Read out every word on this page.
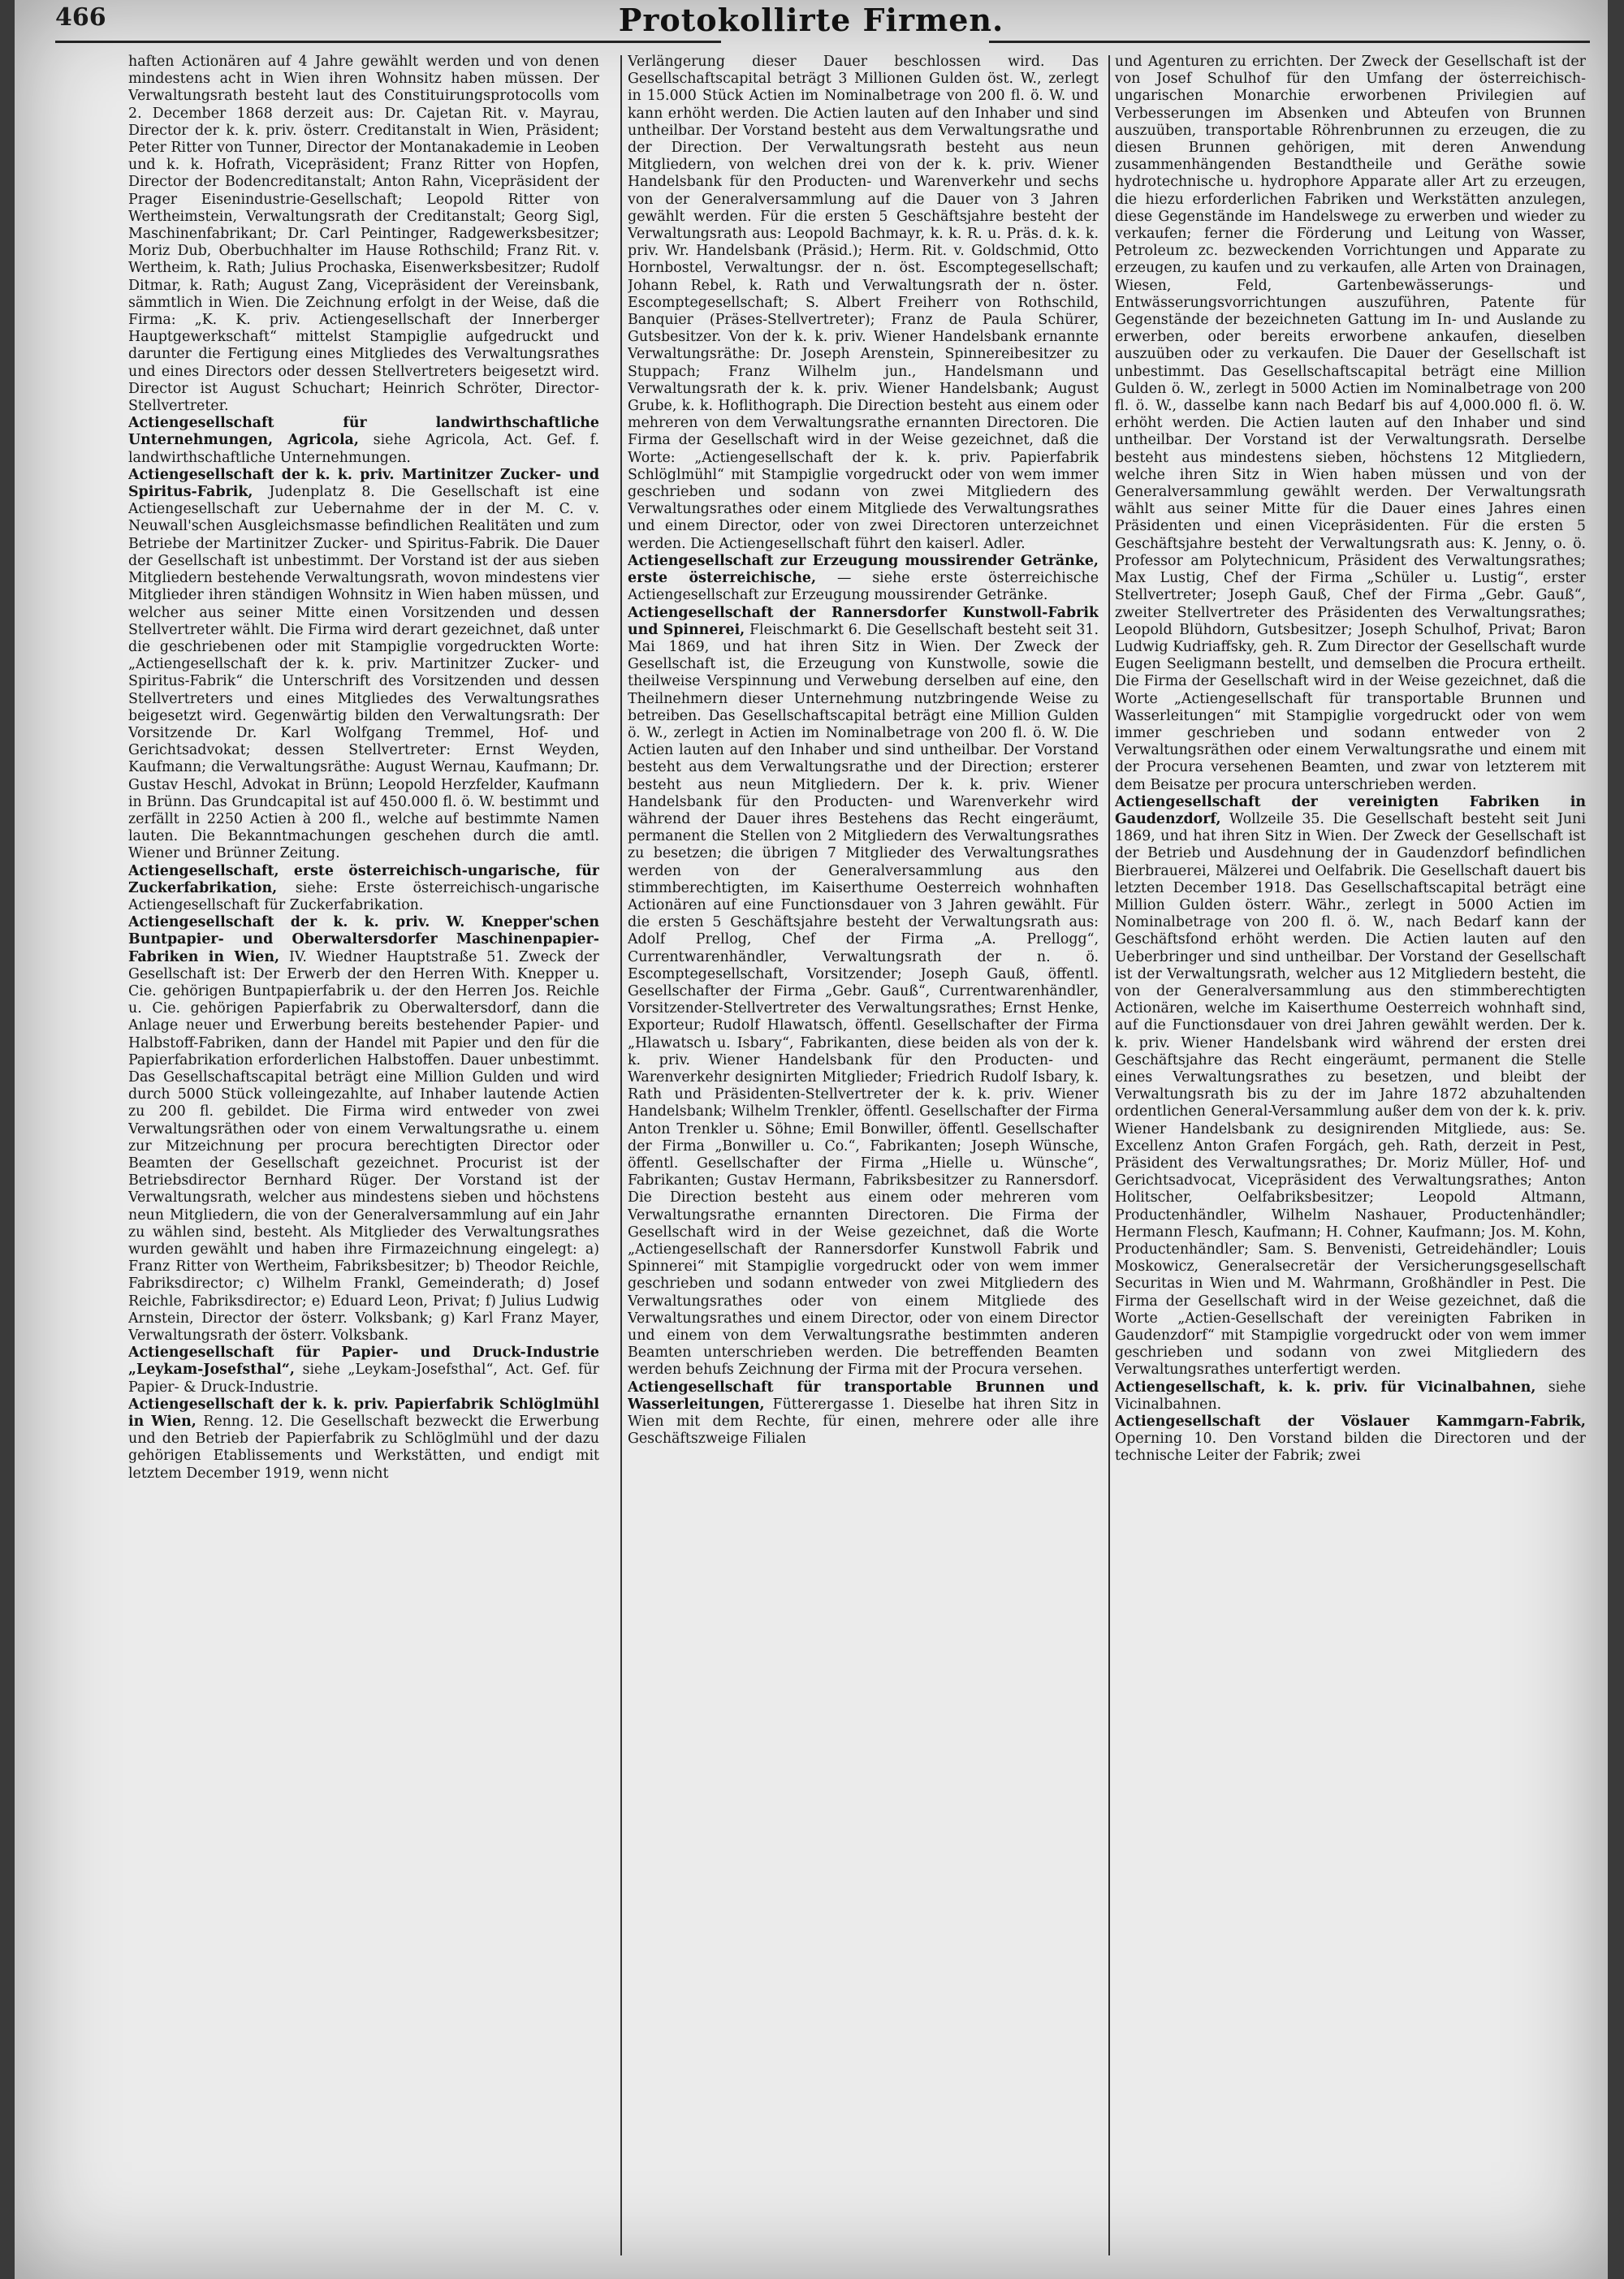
466	Protokollirte Firmen.

haften Actionären auf 4 Jahre gewählt werden und von denen mindestens acht in Wien ihren Wohnsitz haben müssen. Der Verwaltungsrath besteht laut des Constituirungsprotocolls vom 2. December 1868 derzeit aus: Dr. Cajetan Rit. v. Mayrau, Director der k. k. priv. österr. Creditanstalt in Wien, Präsident; Peter Ritter von Tunner, Director der Montanakademie in Leoben und k. k. Hofrath, Vicepräsident; Franz Ritter von Hopfen, Director der Bodencreditanstalt; Anton Rahn, Vicepräsident der Prager Eisenindustrie-Gesellschaft; Leopold Ritter von Wertheimstein, Verwaltungsrath der Creditanstalt; Georg Sigl, Maschinenfabrikant; Dr. Carl Peintinger, Radgewerksbesitzer; Moriz Dub, Oberbuchhalter im Hause Rothschild; Franz Rit. v. Wertheim, k. Rath; Julius Prochaska, Eisenwerksbesitzer; Rudolf Ditmar, k. Rath; August Zang, Vicepräsident der Vereinsbank, sämmtlich in Wien. Die Zeichnung erfolgt in der Weise, daß die Firma: „K. K. priv. Actiengesellschaft der Innerberger Hauptgewerkschaft“ mittelst Stampiglie aufgedruckt und darunter die Fertigung eines Mitgliedes des Verwaltungsrathes und eines Directors oder dessen Stellvertreters beigesetzt wird. Director ist August Schuchart; Heinrich Schröter, Director-Stellvertreter.

Actiengesellschaft für landwirthschaftliche Unternehmungen, Agricola, siehe Agricola, Act. Gef. f. landwirthschaftliche Unternehmungen.

Actiengesellschaft der k. k. priv. Martinitzer Zucker- und Spiritus-Fabrik, Judenplatz 8. Die Gesellschaft ist eine Actiengesellschaft zur Uebernahme der in der M. C. v. Neuwall'schen Ausgleichsmasse befindlichen Realitäten und zum Betriebe der Martinitzer Zucker- und Spiritus-Fabrik. Die Dauer der Gesellschaft ist unbestimmt. Der Vorstand ist der aus sieben Mitgliedern bestehende Verwaltungsrath, wovon mindestens vier Mitglieder ihren ständigen Wohnsitz in Wien haben müssen, und welcher aus seiner Mitte einen Vorsitzenden und dessen Stellvertreter wählt. Die Firma wird derart gezeichnet, daß unter die geschriebenen oder mit Stampiglie vorgedruckten Worte: „Actiengesellschaft der k. k. priv. Martinitzer Zucker- und Spiritus-Fabrik“ die Unterschrift des Vorsitzenden und dessen Stellvertreters und eines Mitgliedes des Verwaltungsrathes beigesetzt wird. Gegenwärtig bilden den Verwaltungsrath: Der Vorsitzende Dr. Karl Wolfgang Tremmel, Hof- und Gerichtsadvokat; dessen Stellvertreter: Ernst Weyden, Kaufmann; die Verwaltungsräthe: August Wernau, Kaufmann; Dr. Gustav Heschl, Advokat in Brünn; Leopold Herzfelder, Kaufmann in Brünn. Das Grundcapital ist auf 450.000 fl. ö. W. bestimmt und zerfällt in 2250 Actien à 200 fl., welche auf bestimmte Namen lauten. Die Bekanntmachungen geschehen durch die amtl. Wiener und Brünner Zeitung.

Actiengesellschaft, erste österreichisch-ungarische, für Zuckerfabrikation, siehe: Erste österreichisch-ungarische Actiengesellschaft für Zuckerfabrikation.

Actiengesellschaft der k. k. priv. W. Knepper'schen Buntpapier- und Oberwaltersdorfer Maschinenpapier-Fabriken in Wien, IV. Wiedner Hauptstraße 51. Zweck der Gesellschaft ist: Der Erwerb der den Herren With. Knepper u. Cie. gehörigen Buntpapierfabrik u. der den Herren Jos. Reichle u. Cie. gehörigen Papierfabrik zu Oberwaltersdorf, dann die Anlage neuer und Erwerbung bereits bestehender Papier- und Halbstoff-Fabriken, dann der Handel mit Papier und den für die Papierfabrikation erforderlichen Halbstoffen. Dauer unbestimmt. Das Gesellschaftscapital beträgt eine Million Gulden und wird durch 5000 Stück volleingezahlte, auf Inhaber lautende Actien zu 200 fl. gebildet. Die Firma wird entweder von zwei Verwaltungsräthen oder von einem Verwaltungsrathe u. einem zur Mitzeichnung per procura berechtigten Director oder Beamten der Gesellschaft gezeichnet. Procurist ist der Betriebsdirector Bernhard Rüger. Der Vorstand ist der Verwaltungsrath, welcher aus mindestens sieben und höchstens neun Mitgliedern, die von der Generalversammlung auf ein Jahr zu wählen sind, besteht. Als Mitglieder des Verwaltungsrathes wurden gewählt und haben ihre Firmazeichnung eingelegt: a) Franz Ritter von Wertheim, Fabriksbesitzer; b) Theodor Reichle, Fabriksdirector; c) Wilhelm Frankl, Gemeinderath; d) Josef Reichle, Fabriksdirector; e) Eduard Leon, Privat; f) Julius Ludwig Arnstein, Director der österr. Volksbank; g) Karl Franz Mayer, Verwaltungsrath der österr. Volksbank.

Actiengesellschaft für Papier- und Druck-Industrie „Leykam-Josefsthal“, siehe „Leykam-Josefsthal“, Act. Gef. für Papier- & Druck-Industrie.

Actiengesellschaft der k. k. priv. Papierfabrik Schlöglmühl in Wien, Renng. 12. Die Gesellschaft bezweckt die Erwerbung und den Betrieb der Papierfabrik zu Schlöglmühl und der dazu gehörigen Etablissements und Werkstätten, und endigt mit letztem December 1919, wenn nicht

Verlängerung dieser Dauer beschlossen wird. Das Gesellschaftscapital beträgt 3 Millionen Gulden öst. W., zerlegt in 15.000 Stück Actien im Nominalbetrage von 200 fl. ö. W. und kann erhöht werden. Die Actien lauten auf den Inhaber und sind untheilbar. Der Vorstand besteht aus dem Verwaltungsrathe und der Direction. Der Verwaltungsrath besteht aus neun Mitgliedern, von welchen drei von der k. k. priv. Wiener Handelsbank für den Producten- und Warenverkehr und sechs von der Generalversammlung auf die Dauer von 3 Jahren gewählt werden. Für die ersten 5 Geschäftsjahre besteht der Verwaltungsrath aus: Leopold Bachmayr, k. k. R. u. Präs. d. k. k. priv. Wr. Handelsbank (Präsid.); Herm. Rit. v. Goldschmid, Otto Hornbostel, Verwaltungsr. der n. öst. Escomptegesellschaft; Johann Rebel, k. Rath und Verwaltungsrath der n. öster. Escomptegesellschaft; S. Albert Freiherr von Rothschild, Banquier (Präses-Stellvertreter); Franz de Paula Schürer, Gutsbesitzer. Von der k. k. priv. Wiener Handelsbank ernannte Verwaltungsräthe: Dr. Joseph Arenstein, Spinnereibesitzer zu Stuppach; Franz Wilhelm jun., Handelsmann und Verwaltungsrath der k. k. priv. Wiener Handelsbank; August Grube, k. k. Hoflithograph. Die Direction besteht aus einem oder mehreren von dem Verwaltungsrathe ernannten Directoren. Die Firma der Gesellschaft wird in der Weise gezeichnet, daß die Worte: „Actiengesellschaft der k. k. priv. Papierfabrik Schlöglmühl“ mit Stampiglie vorgedruckt oder von wem immer geschrieben und sodann von zwei Mitgliedern des Verwaltungsrathes oder einem Mitgliede des Verwaltungsrathes und einem Director, oder von zwei Directoren unterzeichnet werden. Die Actiengesellschaft führt den kaiserl. Adler.

Actiengesellschaft zur Erzeugung moussirender Getränke, erste österreichische, — siehe erste österreichische Actiengesellschaft zur Erzeugung moussirender Getränke.

Actiengesellschaft der Rannersdorfer Kunstwoll-Fabrik und Spinnerei, Fleischmarkt 6. Die Gesellschaft besteht seit 31. Mai 1869, und hat ihren Sitz in Wien. Der Zweck der Gesellschaft ist, die Erzeugung von Kunstwolle, sowie die theilweise Verspinnung und Verwebung derselben auf eine, den Theilnehmern dieser Unternehmung nutzbringende Weise zu betreiben. Das Gesellschaftscapital beträgt eine Million Gulden ö. W., zerlegt in Actien im Nominalbetrage von 200 fl. ö. W. Die Actien lauten auf den Inhaber und sind untheilbar. Der Vorstand besteht aus dem Verwaltungsrathe und der Direction; ersterer besteht aus neun Mitgliedern. Der k. k. priv. Wiener Handelsbank für den Producten- und Warenverkehr wird während der Dauer ihres Bestehens das Recht eingeräumt, permanent die Stellen von 2 Mitgliedern des Verwaltungsrathes zu besetzen; die übrigen 7 Mitglieder des Verwaltungsrathes werden von der Generalversammlung aus den stimmberechtigten, im Kaiserthume Oesterreich wohnhaften Actionären auf eine Functionsdauer von 3 Jahren gewählt. Für die ersten 5 Geschäftsjahre besteht der Verwaltungsrath aus: Adolf Prellog, Chef der Firma „A. Prellogg“, Currentwarenhändler, Verwaltungsrath der n. ö. Escomptegesellschaft, Vorsitzender; Joseph Gauß, öffentl. Gesellschafter der Firma „Gebr. Gauß“, Currentwarenhändler, Vorsitzender-Stellvertreter des Verwaltungsrathes; Ernst Henke, Exporteur; Rudolf Hlawatsch, öffentl. Gesellschafter der Firma „Hlawatsch u. Isbary“, Fabrikanten, diese beiden als von der k. k. priv. Wiener Handelsbank für den Producten- und Warenverkehr designirten Mitglieder; Friedrich Rudolf Isbary, k. Rath und Präsidenten-Stellvertreter der k. k. priv. Wiener Handelsbank; Wilhelm Trenkler, öffentl. Gesellschafter der Firma Anton Trenkler u. Söhne; Emil Bonwiller, öffentl. Gesellschafter der Firma „Bonwiller u. Co.“, Fabrikanten; Joseph Wünsche, öffentl. Gesellschafter der Firma „Hielle u. Wünsche“, Fabrikanten; Gustav Hermann, Fabriksbesitzer zu Rannersdorf. Die Direction besteht aus einem oder mehreren vom Verwaltungsrathe ernannten Directoren. Die Firma der Gesellschaft wird in der Weise gezeichnet, daß die Worte „Actiengesellschaft der Rannersdorfer Kunstwoll Fabrik und Spinnerei“ mit Stampiglie vorgedruckt oder von wem immer geschrieben und sodann entweder von zwei Mitgliedern des Verwaltungsrathes oder von einem Mitgliede des Verwaltungsrathes und einem Director, oder von einem Director und einem von dem Verwaltungsrathe bestimmten anderen Beamten unterschrieben werden. Die betreffenden Beamten werden behufs Zeichnung der Firma mit der Procura versehen.

Actiengesellschaft für transportable Brunnen und Wasserleitungen, Fütterergasse 1. Dieselbe hat ihren Sitz in Wien mit dem Rechte, für einen, mehrere oder alle ihre Geschäftszweige Filialen

und Agenturen zu errichten. Der Zweck der Gesellschaft ist der von Josef Schulhof für den Umfang der österreichisch-ungarischen Monarchie erworbenen Privilegien auf Verbesserungen im Absenken und Abteufen von Brunnen auszuüben, transportable Röhrenbrunnen zu erzeugen, die zu diesen Brunnen gehörigen, mit deren Anwendung zusammenhängenden Bestandtheile und Geräthe sowie hydrotechnische u. hydrophore Apparate aller Art zu erzeugen, die hiezu erforderlichen Fabriken und Werkstätten anzulegen, diese Gegenstände im Handelswege zu erwerben und wieder zu verkaufen; ferner die Förderung und Leitung von Wasser, Petroleum zc. bezweckenden Vorrichtungen und Apparate zu erzeugen, zu kaufen und zu verkaufen, alle Arten von Drainagen, Wiesen, Feld, Gartenbewässerungs- und Entwässerungsvorrichtungen auszuführen, Patente für Gegenstände der bezeichneten Gattung im In- und Auslande zu erwerben, oder bereits erworbene ankaufen, dieselben auszuüben oder zu verkaufen. Die Dauer der Gesellschaft ist unbestimmt. Das Gesellschaftscapital beträgt eine Million Gulden ö. W., zerlegt in 5000 Actien im Nominalbetrage von 200 fl. ö. W., dasselbe kann nach Bedarf bis auf 4,000.000 fl. ö. W. erhöht werden. Die Actien lauten auf den Inhaber und sind untheilbar. Der Vorstand ist der Verwaltungsrath. Derselbe besteht aus mindestens sieben, höchstens 12 Mitgliedern, welche ihren Sitz in Wien haben müssen und von der Generalversammlung gewählt werden. Der Verwaltungsrath wählt aus seiner Mitte für die Dauer eines Jahres einen Präsidenten und einen Vicepräsidenten. Für die ersten 5 Geschäftsjahre besteht der Verwaltungsrath aus: K. Jenny, o. ö. Professor am Polytechnicum, Präsident des Verwaltungsrathes; Max Lustig, Chef der Firma „Schüler u. Lustig“, erster Stellvertreter; Joseph Gauß, Chef der Firma „Gebr. Gauß“, zweiter Stellvertreter des Präsidenten des Verwaltungsrathes; Leopold Blühdorn, Gutsbesitzer; Joseph Schulhof, Privat; Baron Ludwig Kudriaffsky, geh. R. Zum Director der Gesellschaft wurde Eugen Seeligmann bestellt, und demselben die Procura ertheilt. Die Firma der Gesellschaft wird in der Weise gezeichnet, daß die Worte „Actiengesellschaft für transportable Brunnen und Wasserleitungen“ mit Stampiglie vorgedruckt oder von wem immer geschrieben und sodann entweder von 2 Verwaltungsräthen oder einem Verwaltungsrathe und einem mit der Procura versehenen Beamten, und zwar von letzterem mit dem Beisatze per procura unterschrieben werden.

Actiengesellschaft der vereinigten Fabriken in Gaudenzdorf, Wollzeile 35. Die Gesellschaft besteht seit Juni 1869, und hat ihren Sitz in Wien. Der Zweck der Gesellschaft ist der Betrieb und Ausdehnung der in Gaudenzdorf befindlichen Bierbrauerei, Mälzerei und Oelfabrik. Die Gesellschaft dauert bis letzten December 1918. Das Gesellschaftscapital beträgt eine Million Gulden österr. Währ., zerlegt in 5000 Actien im Nominalbetrage von 200 fl. ö. W., nach Bedarf kann der Geschäftsfond erhöht werden. Die Actien lauten auf den Ueberbringer und sind untheilbar. Der Vorstand der Gesellschaft ist der Verwaltungsrath, welcher aus 12 Mitgliedern besteht, die von der Generalversammlung aus den stimmberechtigten Actionären, welche im Kaiserthume Oesterreich wohnhaft sind, auf die Functionsdauer von drei Jahren gewählt werden. Der k. k. priv. Wiener Handelsbank wird während der ersten drei Geschäftsjahre das Recht eingeräumt, permanent die Stelle eines Verwaltungsrathes zu besetzen, und bleibt der Verwaltungsrath bis zu der im Jahre 1872 abzuhaltenden ordentlichen General-Versammlung außer dem von der k. k. priv. Wiener Handelsbank zu designirenden Mitgliede, aus: Se. Excellenz Anton Grafen Forgách, geh. Rath, derzeit in Pest, Präsident des Verwaltungsrathes; Dr. Moriz Müller, Hof- und Gerichtsadvocat, Vicepräsident des Verwaltungsrathes; Anton Holitscher, Oelfabriksbesitzer; Leopold Altmann, Productenhändler, Wilhelm Nashauer, Productenhändler; Hermann Flesch, Kaufmann; H. Cohner, Kaufmann; Jos. M. Kohn, Productenhändler; Sam. S. Benvenisti, Getreidehändler; Louis Moskowicz, Generalsecretär der Versicherungsgesellschaft Securitas in Wien und M. Wahrmann, Großhändler in Pest. Die Firma der Gesellschaft wird in der Weise gezeichnet, daß die Worte „Actien-Gesellschaft der vereinigten Fabriken in Gaudenzdorf“ mit Stampiglie vorgedruckt oder von wem immer geschrieben und sodann von zwei Mitgliedern des Verwaltungsrathes unterfertigt werden.

Actiengesellschaft, k. k. priv. für Vicinalbahnen, siehe Vicinalbahnen.

Actiengesellschaft der Vöslauer Kammgarn-Fabrik, Operning 10. Den Vorstand bilden die Directoren und der technische Leiter der Fabrik; zwei
